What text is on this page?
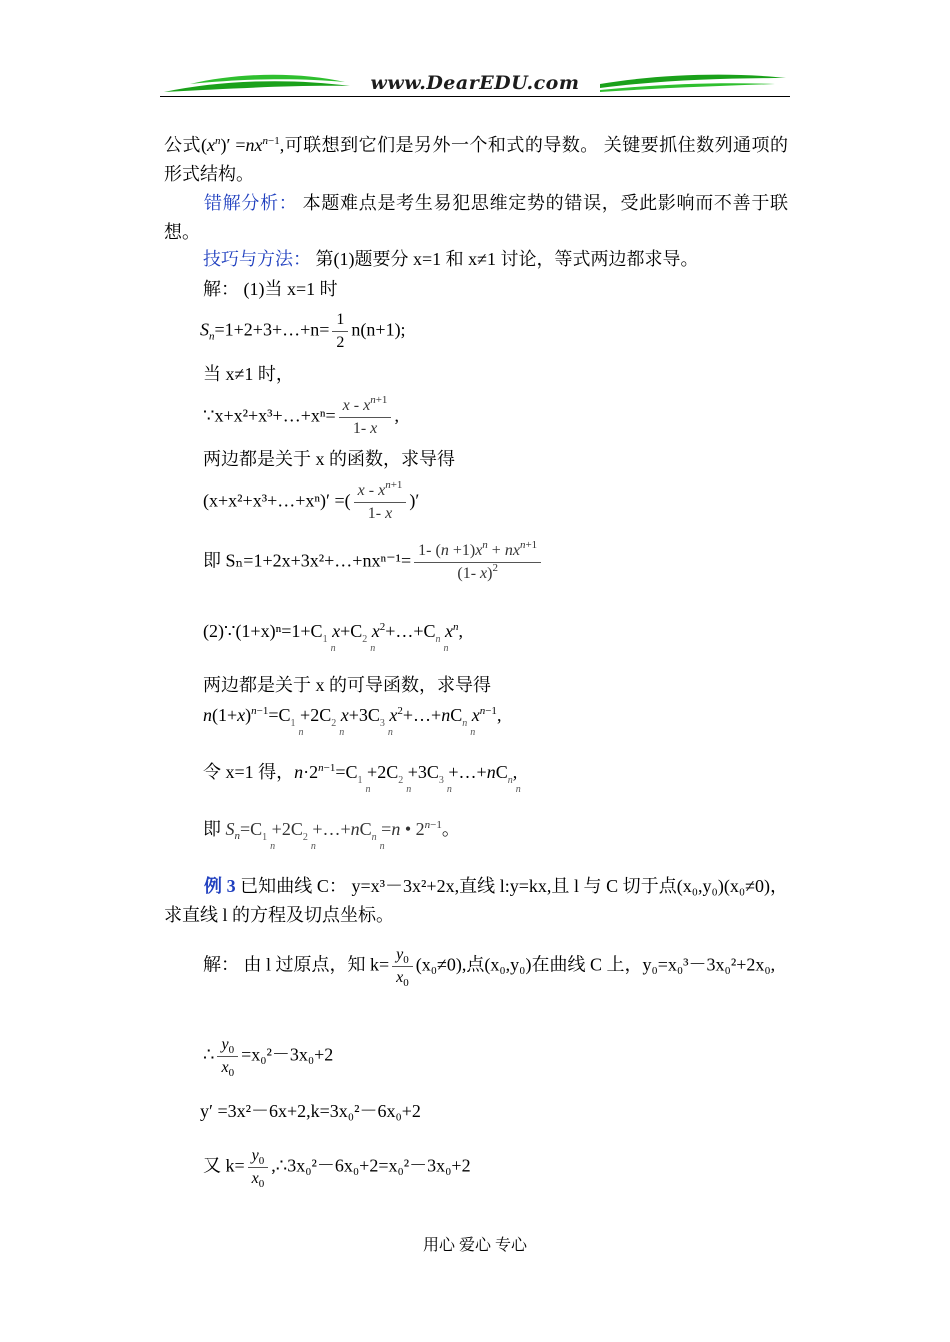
www.DearEDU.com
公式$(x^n)' =nx^{n-1}$,可联想到它们是另外一个和式的导数。 关键要抓住数列通项的形式结构。
错解分析： 本题难点是考生易犯思维定势的错误，受此影响而不善于联想。
技巧与方法： 第(1)题要分 x=1 和 x≠1 讨论，等式两边都求导。
解： (1)当 x=1 时
$S_n=1+2+3+\dots+n= \frac{1}{2} n(n+1)$;
当 x≠1 时，
∵x+x²+x³+…+xⁿ= $\frac{x - x^{n+1}}{1- x}$ ,
两边都是关于 x 的函数，求导得
(x+x²+x³+…+xⁿ)′ =( $\frac{x - x^{n+1}}{1- x}$ )′
即 Sₙ=1+2x+3x²+…+nxⁿ⁻¹= $\frac{1- (n +1)x^n + nx^{n+1}}{(1- x)^2}$
$(2)\because(1+x)^n=1+C_1$
n
$x+C_2$
n
$x^2+\dots+C_n$
n
$x^n$,
两边都是关于 x 的可导函数，求导得
$n(1+x)^{n-1}=C_1$
n
$+2C_2$
n
$x+3C_3$
n
$x^2+\dots+nC_n$
n
$x^{n-1}$,
令 x=1 得，$n\cdot 2^{n-1}=C_1$
n
$+2C_2$
n
$+3C_3$
n
$+\dots+nC_n$
n
,
即 $S_n=C_1$
n
$+2C_2$
n
$+\dots+nC_n$
n
=n • $2^{n-1}$。
例 3 已知曲线 C： y=x³－3x²+2x,直线 l:y=kx,且 l 与 C 切于点(x₀,y₀)(x₀≠0)，求直线 l 的方程及切点坐标。
解： 由 l 过原点，知 $k= \frac{y_0}{x_0} (x_0\ne 0)$,点(x₀,y₀)在曲线 C 上，y₀=x₀³－3x₀²+2x₀,
∴ $\frac{y_0}{x_0} =x_0^2-3x_0+2$
y′ =3x²－6x+2,k=3x₀²－6x₀+2
又 $k= \frac{y_0}{x_0}$ ,∴3x₀²－6x₀+2=x₀²－3x₀+2
用心 爱心 专心
